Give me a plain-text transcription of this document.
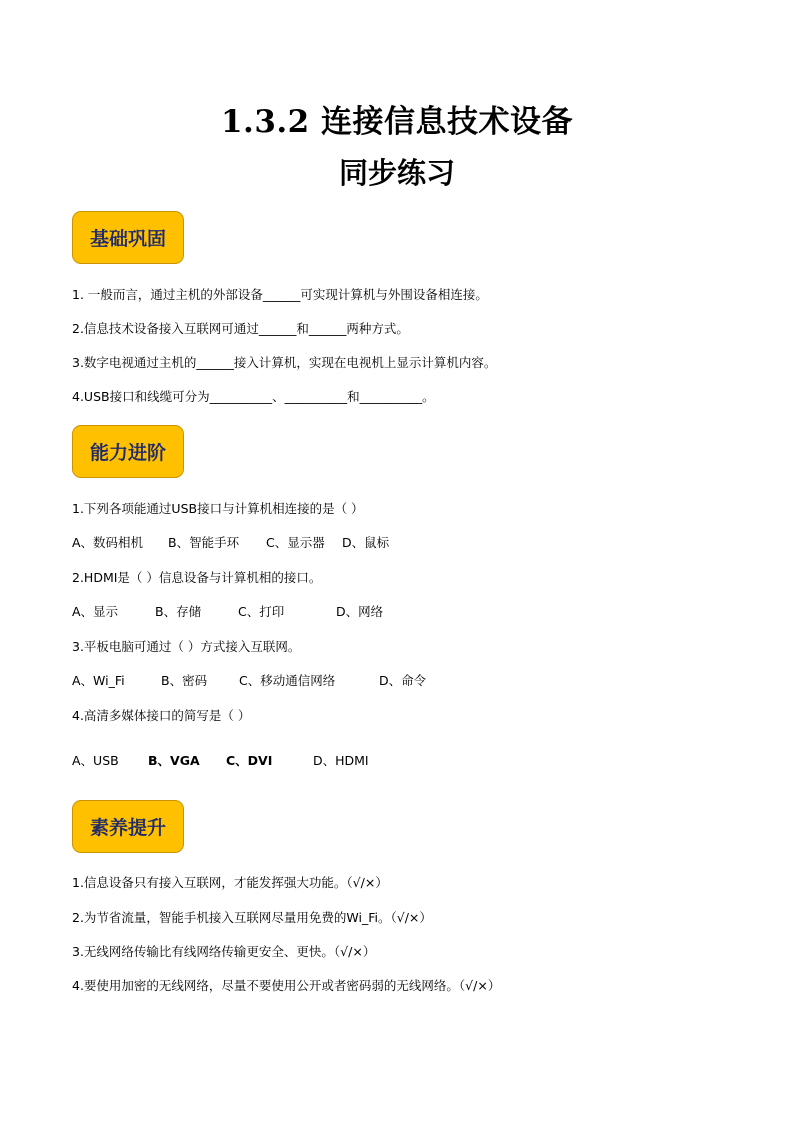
1.3.2 连接信息技术设备
同步练习
基础巩固
1. 一般而言，通过主机的外部设备______可实现计算机与外围设备相连接。
2.信息技术设备接入互联网可通过______和______两种方式。
3.数字电视通过主机的______接入计算机，实现在电视机上显示计算机内容。
4.USB接口和线缆可分为__________、__________和__________。
能力进阶
1.下列各项能通过USB接口与计算机相连接的是（ ）
A、数码相机 B、智能手环 C、显示器 D、鼠标
2.HDMI是（ ）信息设备与计算机相的接口。
A、显示	B、存储	C、打印	D、网络
3.平板电脑可通过（ ）方式接入互联网。
A、Wi_Fi	B、密码	C、移动通信网络	D、命令
4.高清多媒体接口的简写是（ ）
A、USB B、VGA C、DVI	D、HDMI
素养提升
1.信息设备只有接入互联网，才能发挥强大功能。（√/×）
2.为节省流量，智能手机接入互联网尽量用免费的Wi_Fi。（√/×）
3.无线网络传输比有线网络传输更安全、更快。（√/×）
4.要使用加密的无线网络，尽量不要使用公开或者密码弱的无线网络。（√/×）
